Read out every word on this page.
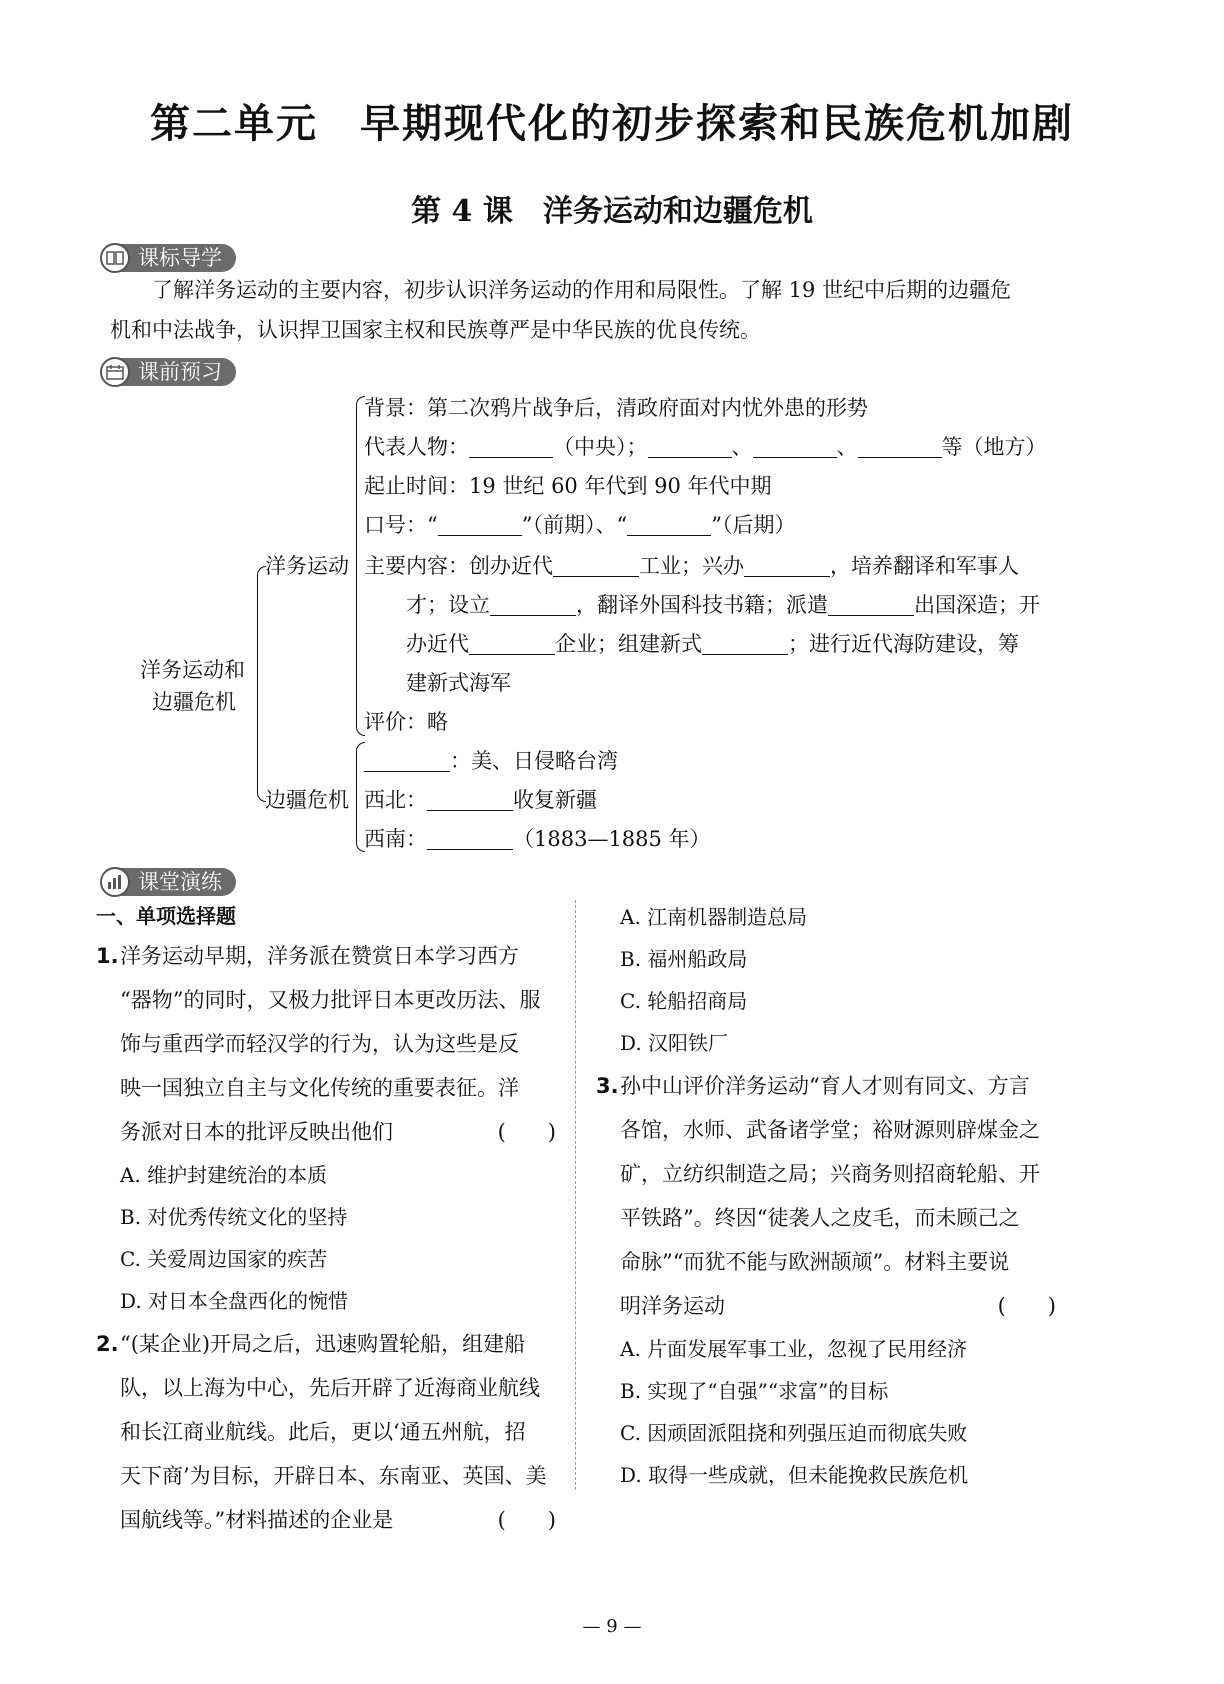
第二单元　早期现代化的初步探索和民族危机加剧
第 4 课　洋务运动和边疆危机
课标导学

了解洋务运动的主要内容，初步认识洋务运动的作用和局限性。了解 19 世纪中后期的边疆危

机和中法战争，认识捍卫国家主权和民族尊严是中华民族的优良传统。

课前预习
洋务运动和
边疆危机
洋务运动
边疆危机
背景：第二次鸦片战争后，清政府面对内忧外患的形势
代表人物：	（中央）；	、	、	等（地方）
起止时间：19 世纪 60 年代到 90 年代中期
口号：“	”（前期）、“	”（后期）
主要内容：创办近代	工业；兴办	，培养翻译和军事人
才；设立	，翻译外国科技书籍；派遣	出国深造；开
办近代	企业；组建新式	；进行近代海防建设，筹
建新式海军
评价：略
：美、日侵略台湾
西北：	收复新疆
西南：	（1883—1885 年）
课堂演练
一、单项选择题
1. 洋务运动早期，洋务派在赞赏日本学习西方
“器物”的同时，又极力批评日本更改历法、服
饰与重西学而轻汉学的行为，认为这些是反
映一国独立自主与文化传统的重要表征。洋
务派对日本的批评反映出他们	(　　)
A. 维护封建统治的本质
B. 对优秀传统文化的坚持
C. 关爱周边国家的疾苦
D. 对日本全盘西化的惋惜
2. “(某企业)开局之后，迅速购置轮船，组建船
队，以上海为中心，先后开辟了近海商业航线
和长江商业航线。此后，更以‘通五州航，招
天下商’为目标，开辟日本、东南亚、英国、美
国航线等。”材料描述的企业是	(　　)
A. 江南机器制造总局
B. 福州船政局
C. 轮船招商局
D. 汉阳铁厂
3. 孙中山评价洋务运动“育人才则有同文、方言
各馆，水师、武备诸学堂；裕财源则辟煤金之
矿，立纺织制造之局；兴商务则招商轮船、开
平铁路”。终因“徒袭人之皮毛，而未顾己之
命脉”“而犹不能与欧洲颉颃”。材料主要说
明洋务运动	(　　)
A. 片面发展军事工业，忽视了民用经济
B. 实现了“自强”“求富”的目标
C. 因顽固派阻挠和列强压迫而彻底失败
D. 取得一些成就，但未能挽救民族危机
— 9 —
